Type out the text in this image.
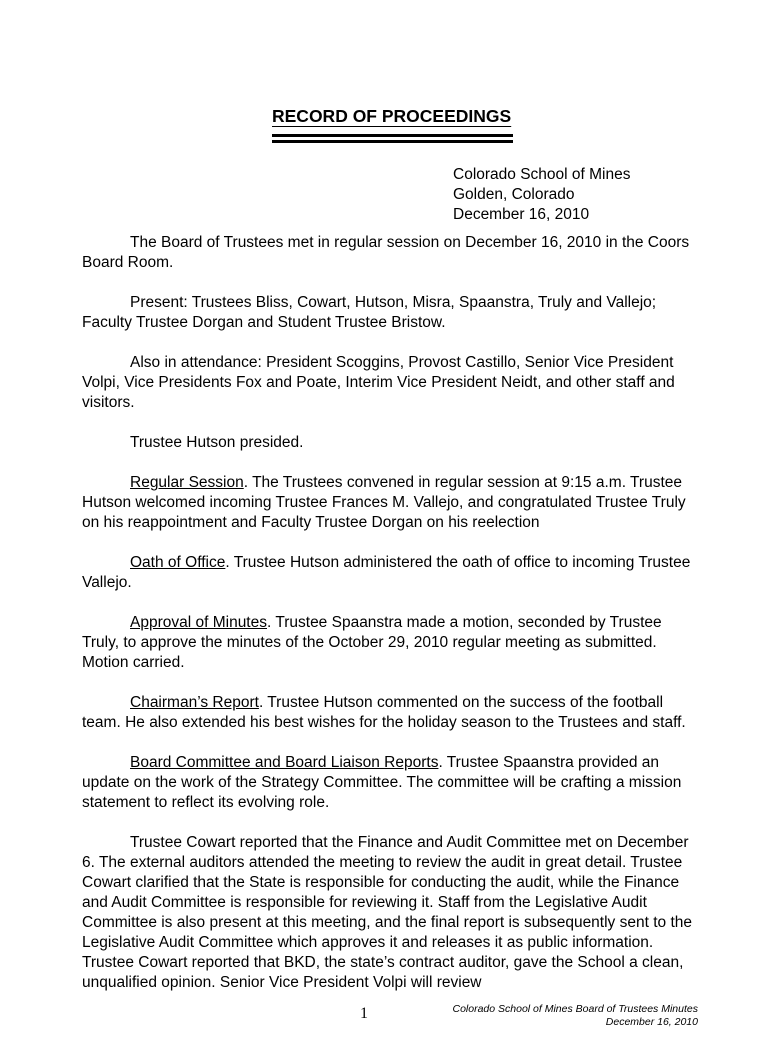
RECORD OF PROCEEDINGS
Colorado School of Mines
Golden, Colorado
December 16, 2010

The Board of Trustees met in regular session on December 16, 2010 in the Coors Board Room.

Present: Trustees Bliss, Cowart, Hutson, Misra, Spaanstra, Truly and Vallejo; Faculty Trustee Dorgan and Student Trustee Bristow.

Also in attendance: President Scoggins, Provost Castillo, Senior Vice President Volpi, Vice Presidents Fox and Poate, Interim Vice President Neidt, and other staff and visitors.

Trustee Hutson presided.

Regular Session. The Trustees convened in regular session at 9:15 a.m. Trustee Hutson welcomed incoming Trustee Frances M. Vallejo, and congratulated Trustee Truly on his reappointment and Faculty Trustee Dorgan on his reelection

Oath of Office. Trustee Hutson administered the oath of office to incoming Trustee Vallejo.

Approval of Minutes. Trustee Spaanstra made a motion, seconded by Trustee Truly, to approve the minutes of the October 29, 2010 regular meeting as submitted. Motion carried.

Chairman’s Report. Trustee Hutson commented on the success of the football team. He also extended his best wishes for the holiday season to the Trustees and staff.

Board Committee and Board Liaison Reports. Trustee Spaanstra provided an update on the work of the Strategy Committee. The committee will be crafting a mission statement to reflect its evolving role.

Trustee Cowart reported that the Finance and Audit Committee met on December 6. The external auditors attended the meeting to review the audit in great detail. Trustee Cowart clarified that the State is responsible for conducting the audit, while the Finance and Audit Committee is responsible for reviewing it. Staff from the Legislative Audit Committee is also present at this meeting, and the final report is subsequently sent to the Legislative Audit Committee which approves it and releases it as public information. Trustee Cowart reported that BKD, the state’s contract auditor, gave the School a clean, unqualified opinion. Senior Vice President Volpi will review

1	Colorado School of Mines Board of Trustees Minutes
December 16, 2010
